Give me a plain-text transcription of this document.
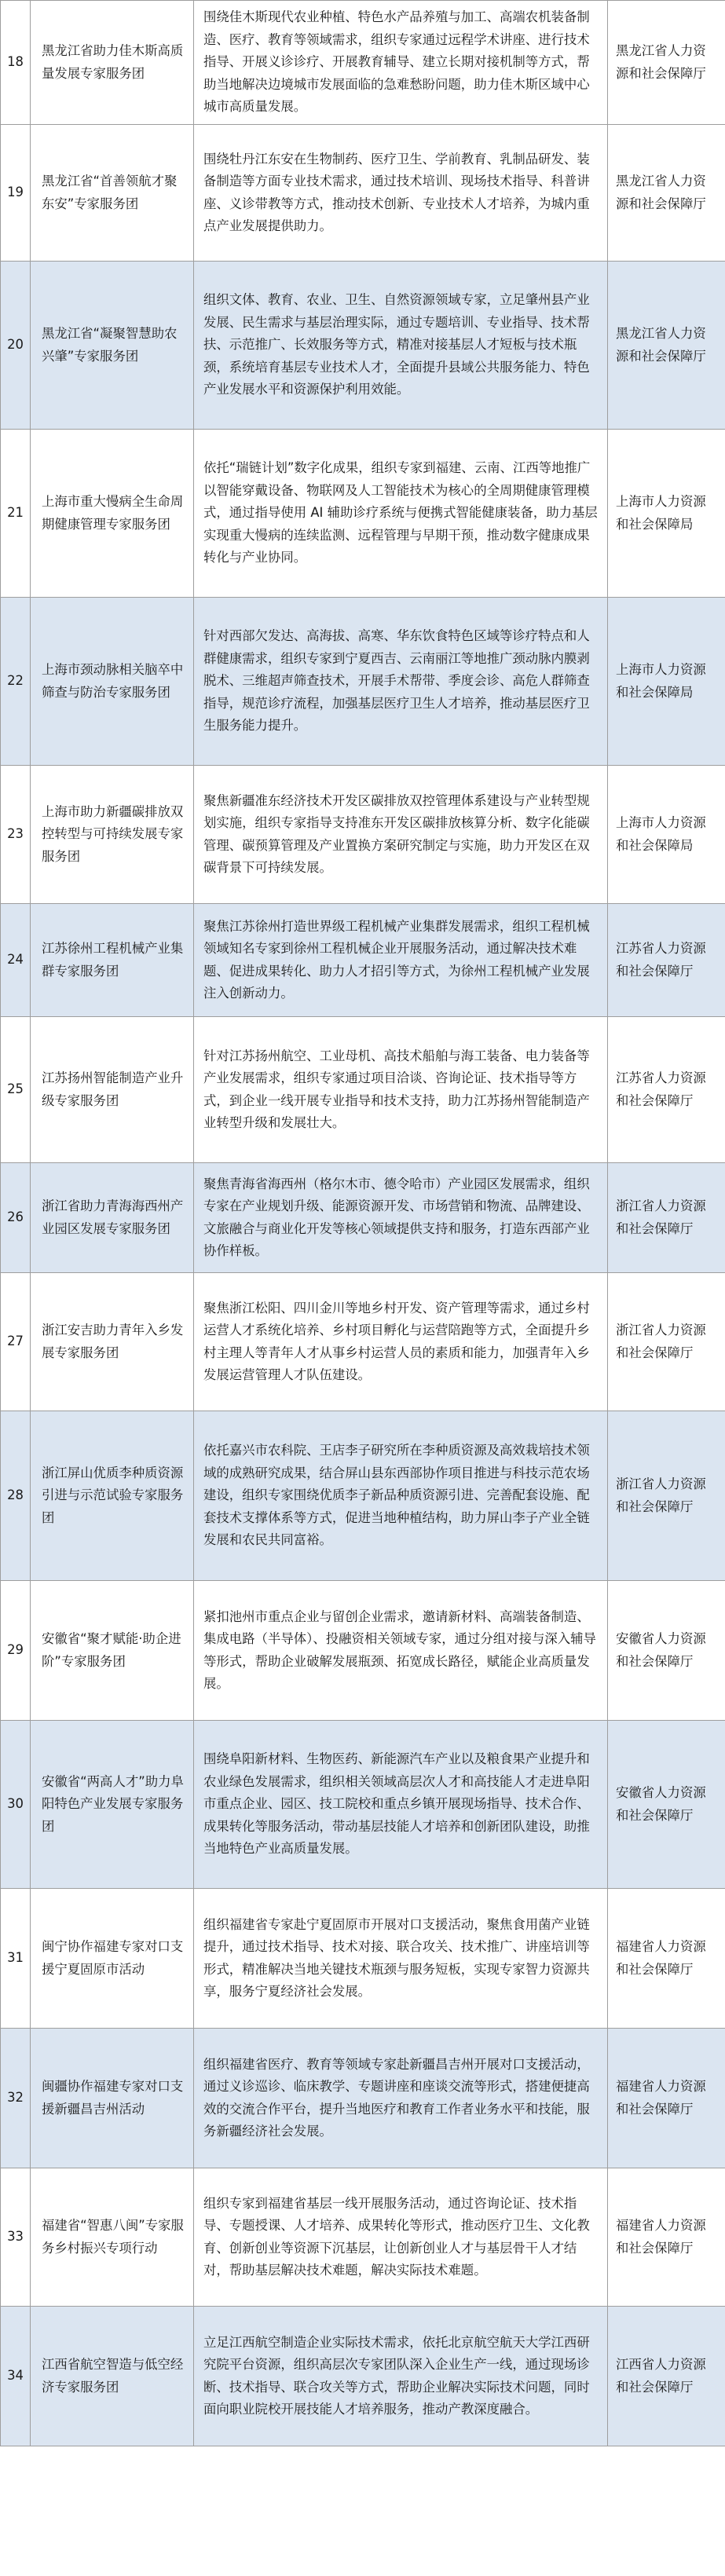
18	黑龙江省助力佳木斯高质量发展专家服务团	围绕佳木斯现代农业种植、特色水产品养殖与加工、高端农机装备制造、医疗、教育等领域需求，组织专家通过远程学术讲座、进行技术指导、开展义诊诊疗、开展教育辅导、建立长期对接机制等方式，帮助当地解决边境城市发展面临的急难愁盼问题，助力佳木斯区域中心城市高质量发展。	黑龙江省人力资源和社会保障厅
19	黑龙江省“首善领航才聚东安”专家服务团	围绕牡丹江东安在生物制药、医疗卫生、学前教育、乳制品研发、装备制造等方面专业技术需求，通过技术培训、现场技术指导、科普讲座、义诊带教等方式，推动技术创新、专业技术人才培养，为城内重点产业发展提供助力。	黑龙江省人力资源和社会保障厅
20	黑龙江省“凝聚智慧助农兴肇”专家服务团	组织文体、教育、农业、卫生、自然资源领域专家，立足肇州县产业发展、民生需求与基层治理实际，通过专题培训、专业指导、技术帮扶、示范推广、长效服务等方式，精准对接基层人才短板与技术瓶颈，系统培育基层专业技术人才，全面提升县域公共服务能力、特色产业发展水平和资源保护利用效能。	黑龙江省人力资源和社会保障厅
21	上海市重大慢病全生命周期健康管理专家服务团	依托“瑞链计划”数字化成果，组织专家到福建、云南、江西等地推广以智能穿戴设备、物联网及人工智能技术为核心的全周期健康管理模式，通过指导使用 AI 辅助诊疗系统与便携式智能健康装备，助力基层实现重大慢病的连续监测、远程管理与早期干预，推动数字健康成果转化与产业协同。	上海市人力资源和社会保障局
22	上海市颈动脉相关脑卒中筛查与防治专家服务团	针对西部欠发达、高海拔、高寒、华东饮食特色区域等诊疗特点和人群健康需求，组织专家到宁夏西吉、云南丽江等地推广颈动脉内膜剥脱术、三维超声筛查技术，开展手术帮带、季度会诊、高危人群筛查指导，规范诊疗流程，加强基层医疗卫生人才培养，推动基层医疗卫生服务能力提升。	上海市人力资源和社会保障局
23	上海市助力新疆碳排放双控转型与可持续发展专家服务团	聚焦新疆准东经济技术开发区碳排放双控管理体系建设与产业转型规划实施，组织专家指导支持准东开发区碳排放核算分析、数字化能碳管理、碳预算管理及产业置换方案研究制定与实施，助力开发区在双碳背景下可持续发展。	上海市人力资源和社会保障局
24	江苏徐州工程机械产业集群专家服务团	聚焦江苏徐州打造世界级工程机械产业集群发展需求，组织工程机械领域知名专家到徐州工程机械企业开展服务活动，通过解决技术难题、促进成果转化、助力人才招引等方式，为徐州工程机械产业发展注入创新动力。	江苏省人力资源和社会保障厅
25	江苏扬州智能制造产业升级专家服务团	针对江苏扬州航空、工业母机、高技术船舶与海工装备、电力装备等产业发展需求，组织专家通过项目洽谈、咨询论证、技术指导等方式，到企业一线开展专业指导和技术支持，助力江苏扬州智能制造产业转型升级和发展壮大。	江苏省人力资源和社会保障厅
26	浙江省助力青海海西州产业园区发展专家服务团	聚焦青海省海西州（格尔木市、德令哈市）产业园区发展需求，组织专家在产业规划升级、能源资源开发、市场营销和物流、品牌建设、文旅融合与商业化开发等核心领域提供支持和服务，打造东西部产业协作样板。	浙江省人力资源和社会保障厅
27	浙江安吉助力青年入乡发展专家服务团	聚焦浙江松阳、四川金川等地乡村开发、资产管理等需求，通过乡村运营人才系统化培养、乡村项目孵化与运营陪跑等方式，全面提升乡村主理人等青年人才从事乡村运营人员的素质和能力，加强青年入乡发展运营管理人才队伍建设。	浙江省人力资源和社会保障厅
28	浙江屏山优质李种质资源引进与示范试验专家服务团	依托嘉兴市农科院、王店李子研究所在李种质资源及高效栽培技术领域的成熟研究成果，结合屏山县东西部协作项目推进与科技示范农场建设，组织专家围绕优质李子新品种质资源引进、完善配套设施、配套技术支撑体系等方式，促进当地种植结构，助力屏山李子产业全链发展和农民共同富裕。	浙江省人力资源和社会保障厅
29	安徽省“聚才赋能·助企进阶”专家服务团	紧扣池州市重点企业与留创企业需求，邀请新材料、高端装备制造、集成电路（半导体）、投融资相关领域专家，通过分组对接与深入辅导等形式，帮助企业破解发展瓶颈、拓宽成长路径，赋能企业高质量发展。	安徽省人力资源和社会保障厅
30	安徽省“两高人才”助力阜阳特色产业发展专家服务团	围绕阜阳新材料、生物医药、新能源汽车产业以及粮食果产业提升和农业绿色发展需求，组织相关领域高层次人才和高技能人才走进阜阳市重点企业、园区、技工院校和重点乡镇开展现场指导、技术合作、成果转化等服务活动，带动基层技能人才培养和创新团队建设，助推当地特色产业高质量发展。	安徽省人力资源和社会保障厅
31	闽宁协作福建专家对口支援宁夏固原市活动	组织福建省专家赴宁夏固原市开展对口支援活动，聚焦食用菌产业链提升，通过技术指导、技术对接、联合攻关、技术推广、讲座培训等形式，精准解决当地关键技术瓶颈与服务短板，实现专家智力资源共享，服务宁夏经济社会发展。	福建省人力资源和社会保障厅
32	闽疆协作福建专家对口支援新疆昌吉州活动	组织福建省医疗、教育等领域专家赴新疆昌吉州开展对口支援活动，通过义诊巡诊、临床教学、专题讲座和座谈交流等形式，搭建便捷高效的交流合作平台，提升当地医疗和教育工作者业务水平和技能，服务新疆经济社会发展。	福建省人力资源和社会保障厅
33	福建省“智惠八闽”专家服务乡村振兴专项行动	组织专家到福建省基层一线开展服务活动，通过咨询论证、技术指导、专题授课、人才培养、成果转化等形式，推动医疗卫生、文化教育、创新创业等资源下沉基层，让创新创业人才与基层骨干人才结对，帮助基层解决技术难题，解决实际技术难题。	福建省人力资源和社会保障厅
34	江西省航空智造与低空经济专家服务团	立足江西航空制造企业实际技术需求，依托北京航空航天大学江西研究院平台资源，组织高层次专家团队深入企业生产一线，通过现场诊断、技术指导、联合攻关等方式，帮助企业解决实际技术问题，同时面向职业院校开展技能人才培养服务，推动产教深度融合。	江西省人力资源和社会保障厅
